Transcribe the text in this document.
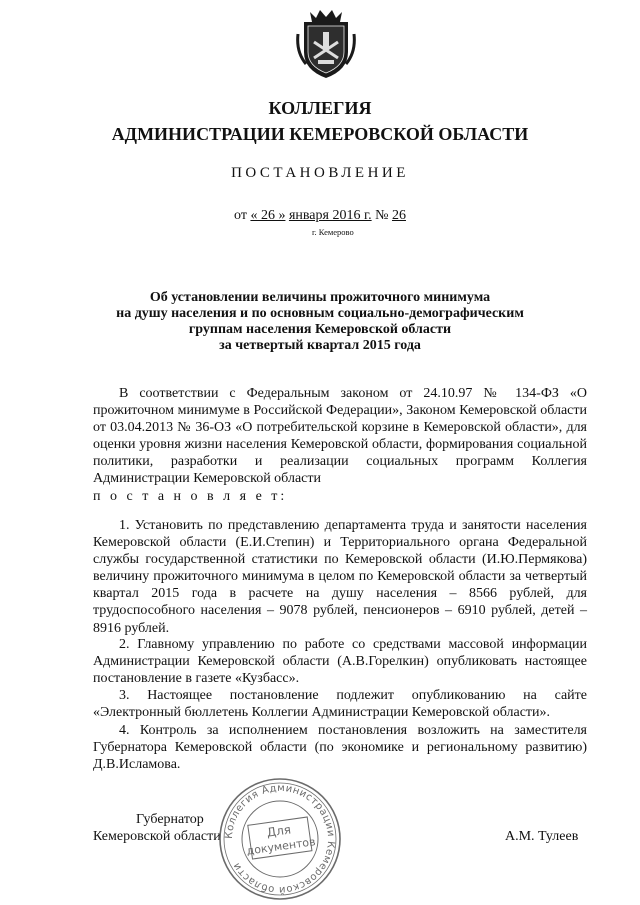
КОЛЛЕГИЯ
АДМИНИСТРАЦИИ КЕМЕРОВСКОЙ ОБЛАСТИ
ПОСТАНОВЛЕНИЕ
от « 26 » января 2016 г. № 26
г. Кемерово
Об установлении величины прожиточного минимума
на душу населения и по основным социально-демографическим
группам населения Кемеровской области
за четвертый квартал 2015 года

В соответствии с Федеральным законом от 24.10.97 № 134-ФЗ «О прожиточном минимуме в Российской Федерации», Законом Кемеровской области от 03.04.2013 № 36-ОЗ «О потребительской корзине в Кемеровской области», для оценки уровня жизни населения Кемеровской области, формирования социальной политики, разработки и реализации социальных программ Коллегия Администрации Кемеровской области

п о с т а н о в л я е т:

1. Установить по представлению департамента труда и занятости населения Кемеровской области (Е.И.Степин) и Территориального органа Федеральной службы государственной статистики по Кемеровской области (И.Ю.Пермякова) величину прожиточного минимума в целом по Кемеровской области за четвертый квартал 2015 года в расчете на душу населения – 8566 рублей, для трудоспособного населения – 9078 рублей, пенсионеров – 6910 рублей, детей – 8916 рублей.

2. Главному управлению по работе со средствами массовой информации Администрации Кемеровской области (А.В.Горелкин) опубликовать настоящее постановление в газете «Кузбасс».

3. Настоящее постановление подлежит опубликованию на сайте «Электронный бюллетень Коллегии Администрации Кемеровской области».

4. Контроль за исполнением постановления возложить на заместителя Губернатора Кемеровской области (по экономике и региональному развитию) Д.В.Исламова.

Губернатор
Кемеровской области	А.М. Тулеев
Коллегия Администрации Кемеровской области
Для
документов
